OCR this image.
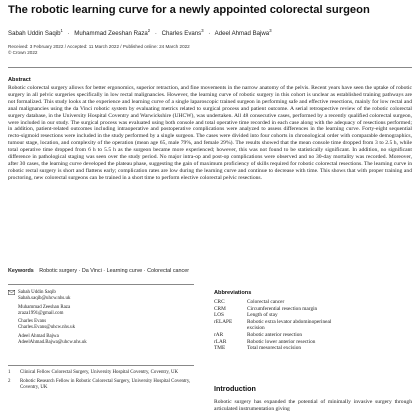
The robotic learning curve for a newly appointed colorectal surgeon
Sabah Uddin Saqib$^1$ · Muhammad Zeeshan Raza$^2$ · Charles Evans$^3$ · Adeel Ahmad Bajwa$^3$
Received: 3 February 2022 / Accepted: 11 March 2022 / Published online: 24 March 2022
© Crown 2022
Abstract
Robotic colorectal surgery allows for better ergonomics, superior retraction, and fine movements in the narrow anatomy of the pelvis. Recent years have seen the uptake of robotic surgery in all pelvic surgeries specifically in low rectal malignancies. However, the learning curve of robotic surgery in this cohort is unclear as established training pathways are not formalized. This study looks at the experience and learning curve of a single laparoscopic trained surgeon in performing safe and effective resections, mainly for low rectal and anal malignancies using the da Vinci robotic system by evaluating metrics related to surgical process and patient outcome. A serial retrospective review of the robotic colorectal surgery database, in the University Hospital Coventry and Warwickshire (UHCW), was undertaken. All 48 consecutive cases, performed by a recently qualified colorectal surgeon, were included in our study. The surgical process was evaluated using both console and total operative time recorded in each case along with the adequacy of resections performed; in addition, patient-related outcomes including intraoperative and postoperative complications were analyzed to assess differences in the learning curve. Forty-eight sequential recto-sigmoid resections were included in the study performed by a single surgeon. The cases were divided into four cohorts in chronological order with comparable demographics, tumour stage, location, and complexity of the operation (mean age 65, male 79%, and female 29%). The results showed that the mean console time dropped from 3 to 2.5 h, while total operative time dropped from 6 h to 5.5 h as the surgeon became more experienced; however, this was not found to be statistically significant. In addition, no significant difference in pathological staging was seen over the study period. No major intra-op and post-op complications were observed and no 30-day mortality was recorded. Moreover, after 30 cases, the learning curve developed the plateau phase, suggesting the gain of maximum proficiency of skills required for robotic colorectal resections. The learning curve in robotic rectal surgery is short and flattens early; complication rates are low during the learning curve and continue to decrease with time. This shows that with proper training and proctoring, new colorectal surgeons can be trained in a short time to perform elective colorectal pelvic resections.
Keywords Robotic surgery · Da Vinci · Learning curve · Colorectal cancer
Sabah Uddin Saqib
Sabah.saqib@uhcw.nhs.uk
Muhammad Zeeshan Raza
zraza1991@gmail.com
Charles Evans
Charles.Evans@uhcw.nhs.uk
Adeel Ahmad Bajwa
AdeelAhmad.Bajwa@uhcw.nhs.uk
1	Clinical Fellow Colorectal Surgery, University Hospital Coventry, Coventry, UK
2	Robotic Research Fellow in Robotic Colorectal Surgery, University Hospital Coventry, Coventry, UK
Abbreviations
CRC	Colorectal cancer
CRM	Circumferential resection margin
LOS	Length of stay
rELAPE	Robotic extra levator abdominoperineal
excision
rAR	Robotic anterior resection
rLAR	Robotic lower anterior resection
TME	Total mesorectal excision
Introduction
Robotic surgery has expanded the potential of minimally invasive surgery through articulated instrumentation giving
